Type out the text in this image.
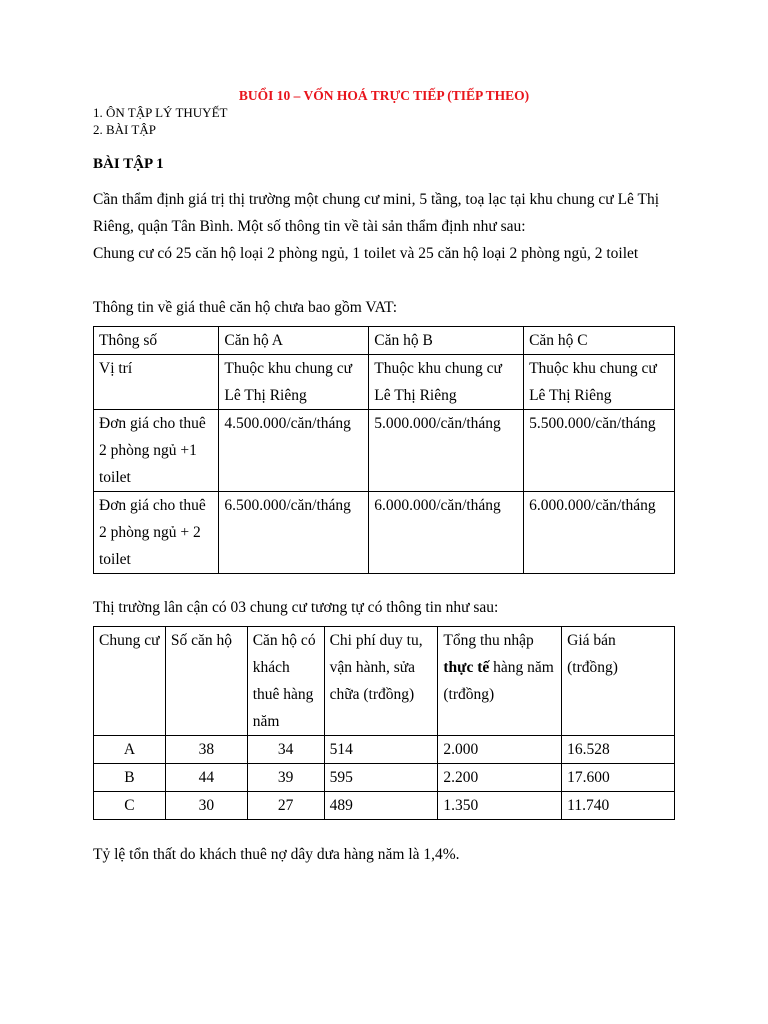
BUỔI 10 – VỐN HOÁ TRỰC TIẾP (TIẾP THEO)
1. ÔN TẬP LÝ THUYẾT
2. BÀI TẬP
BÀI TẬP 1
Cần thẩm định giá trị thị trường một chung cư mini, 5 tầng, toạ lạc tại khu chung cư Lê Thị Riêng, quận Tân Bình. Một số thông tin về tài sản thẩm định như sau:
Chung cư có 25 căn hộ loại 2 phòng ngủ, 1 toilet và 25 căn hộ loại 2 phòng ngủ, 2 toilet
Thông tin về giá thuê căn hộ chưa bao gồm VAT:
Thông số	Căn hộ A	Căn hộ B	Căn hộ C
Vị trí	Thuộc khu chung cư Lê Thị Riêng	Thuộc khu chung cư Lê Thị Riêng	Thuộc khu chung cư Lê Thị Riêng
Đơn giá cho thuê 2 phòng ngủ +1 toilet	4.500.000/căn/tháng	5.000.000/căn/tháng	5.500.000/căn/tháng
Đơn giá cho thuê 2 phòng ngủ + 2 toilet	6.500.000/căn/tháng	6.000.000/căn/tháng	6.000.000/căn/tháng
Thị trường lân cận có 03 chung cư tương tự có thông tin như sau:
Chung cư	Số căn hộ	Căn hộ có khách thuê hàng năm	Chi phí duy tu, vận hành, sửa chữa (trđồng)	Tổng thu nhập thực tế hàng năm (trđồng)	Giá bán (trđồng)
A	38	34	514	2.000	16.528
B	44	39	595	2.200	17.600
C	30	27	489	1.350	11.740
Tỷ lệ tổn thất do khách thuê nợ dây dưa hàng năm là 1,4%.
